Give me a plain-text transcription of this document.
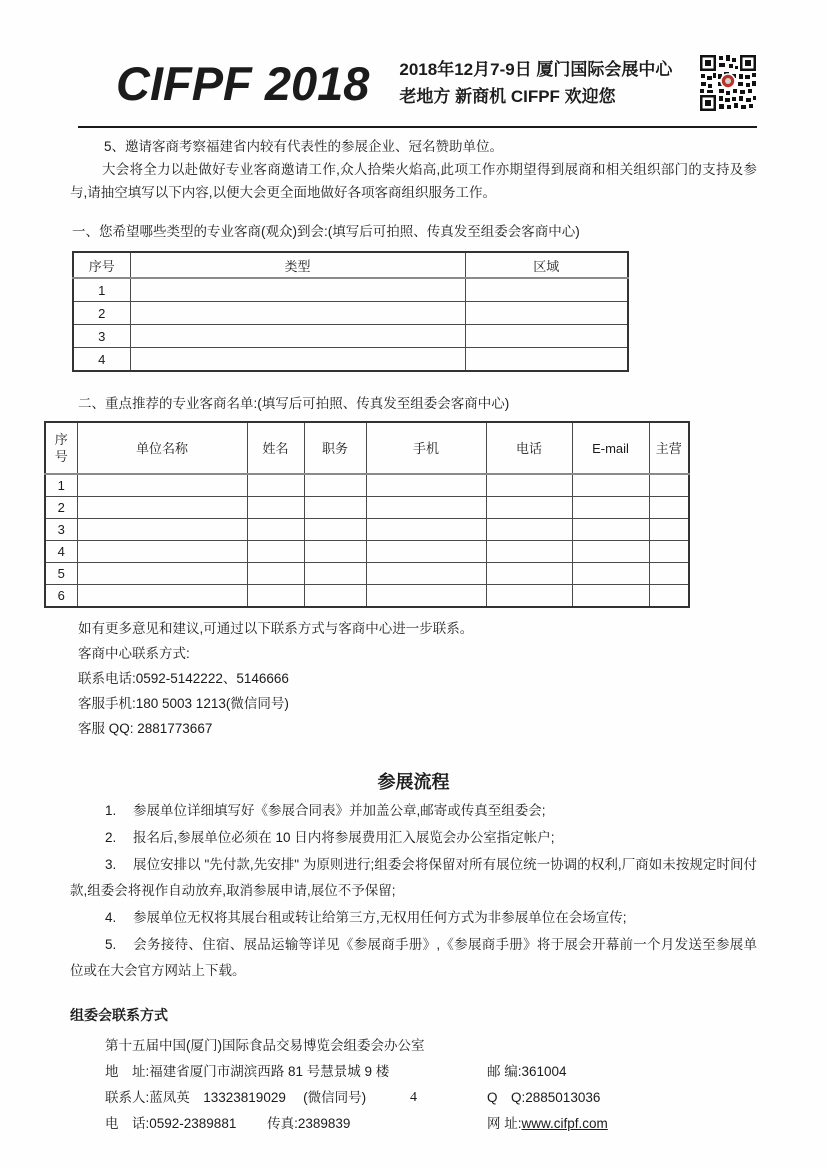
CIFPF 2018 2018年12月7-9日 厦门国际会展中心
老地方 新商机 CIFPF 欢迎您

5、邀请客商考察福建省内较有代表性的参展企业、冠名赞助单位。

大会将全力以赴做好专业客商邀请工作,众人拾柴火焰高,此项工作亦期望得到展商和相关组织部门的支持及参与,请抽空填写以下内容,以便大会更全面地做好各项客商组织服务工作。

一、您希望哪些类型的专业客商(观众)到会:(填写后可拍照、传真发至组委会客商中心)

序号	类型	区域
1		
2		
3		
4		

二、重点推荐的专业客商名单:(填写后可拍照、传真发至组委会客商中心)

序号	单位名称	姓名	职务	手机	电话	E-mail	主营
1							
2							
3							
4							
5							
6							

如有更多意见和建议,可通过以下联系方式与客商中心进一步联系。

客商中心联系方式:

联系电话:0592-5142222、5146666

客服手机:180 5003 1213(微信同号)

客服 QQ: 2881773667

参展流程

1. 参展单位详细填写好《参展合同表》并加盖公章,邮寄或传真至组委会;

2. 报名后,参展单位必须在 10 日内将参展费用汇入展览会办公室指定帐户;

3. 展位安排以 "先付款,先安排" 为原则进行;组委会将保留对所有展位统一协调的权利,厂商如未按规定时间付款,组委会将视作自动放弃,取消参展申请,展位不予保留;

4. 参展单位无权将其展台租或转让给第三方,无权用任何方式为非参展单位在会场宣传;

5. 会务接待、住宿、展品运输等详见《参展商手册》,《参展商手册》将于展会开幕前一个月发送至参展单位或在大会官方网站上下载。

组委会联系方式

第十五届中国(厦门)国际食品交易博览会组委会办公室

地　址:福建省厦门市湖滨西路 81 号慧景城 9 楼	邮 编:361004
联系人:蓝凤英　13323819029 　(微信同号)	Q　Q:2885013036
电　话:0592-2389881 　　传真:2389839	网 址:www.cifpf.com
4
